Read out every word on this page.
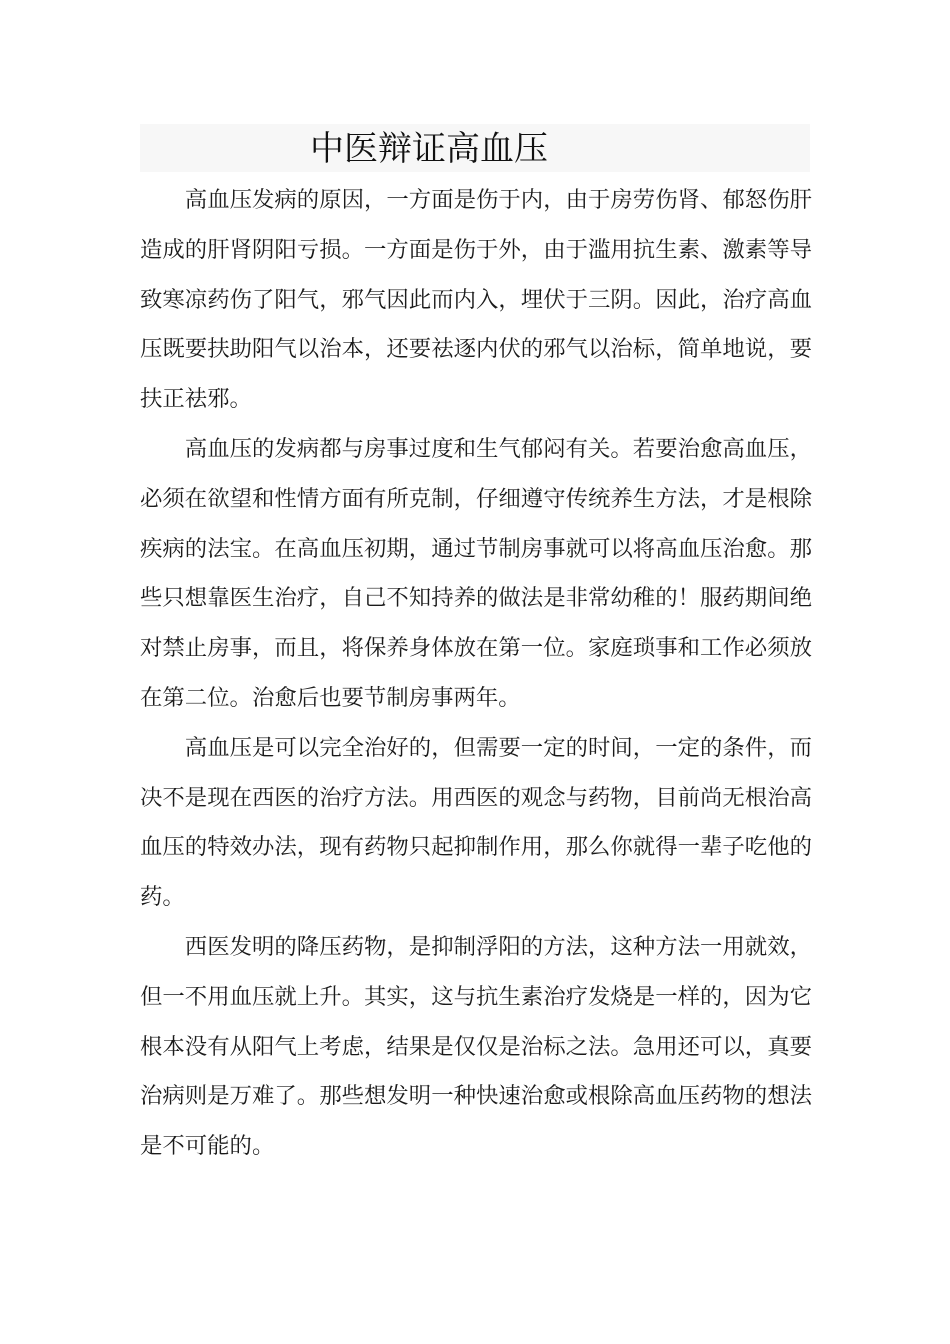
中医辩证高血压

高血压发病的原因，一方面是伤于内，由于房劳伤肾、郁怒伤肝造成的肝肾阴阳亏损。一方面是伤于外，由于滥用抗生素、激素等导致寒凉药伤了阳气，邪气因此而内入，埋伏于三阴。因此，治疗高血压既要扶助阳气以治本，还要祛逐内伏的邪气以治标，简单地说，要扶正祛邪。

高血压的发病都与房事过度和生气郁闷有关。若要治愈高血压，必须在欲望和性情方面有所克制，仔细遵守传统养生方法，才是根除疾病的法宝。在高血压初期，通过节制房事就可以将高血压治愈。那些只想靠医生治疗，自己不知持养的做法是非常幼稚的！服药期间绝对禁止房事，而且，将保养身体放在第一位。家庭琐事和工作必须放在第二位。治愈后也要节制房事两年。

高血压是可以完全治好的，但需要一定的时间，一定的条件，而决不是现在西医的治疗方法。用西医的观念与药物，目前尚无根治高血压的特效办法，现有药物只起抑制作用，那么你就得一辈子吃他的药。

西医发明的降压药物，是抑制浮阳的方法，这种方法一用就效，但一不用血压就上升。其实，这与抗生素治疗发烧是一样的，因为它根本没有从阳气上考虑，结果是仅仅是治标之法。急用还可以，真要治病则是万难了。那些想发明一种快速治愈或根除高血压药物的想法是不可能的。
